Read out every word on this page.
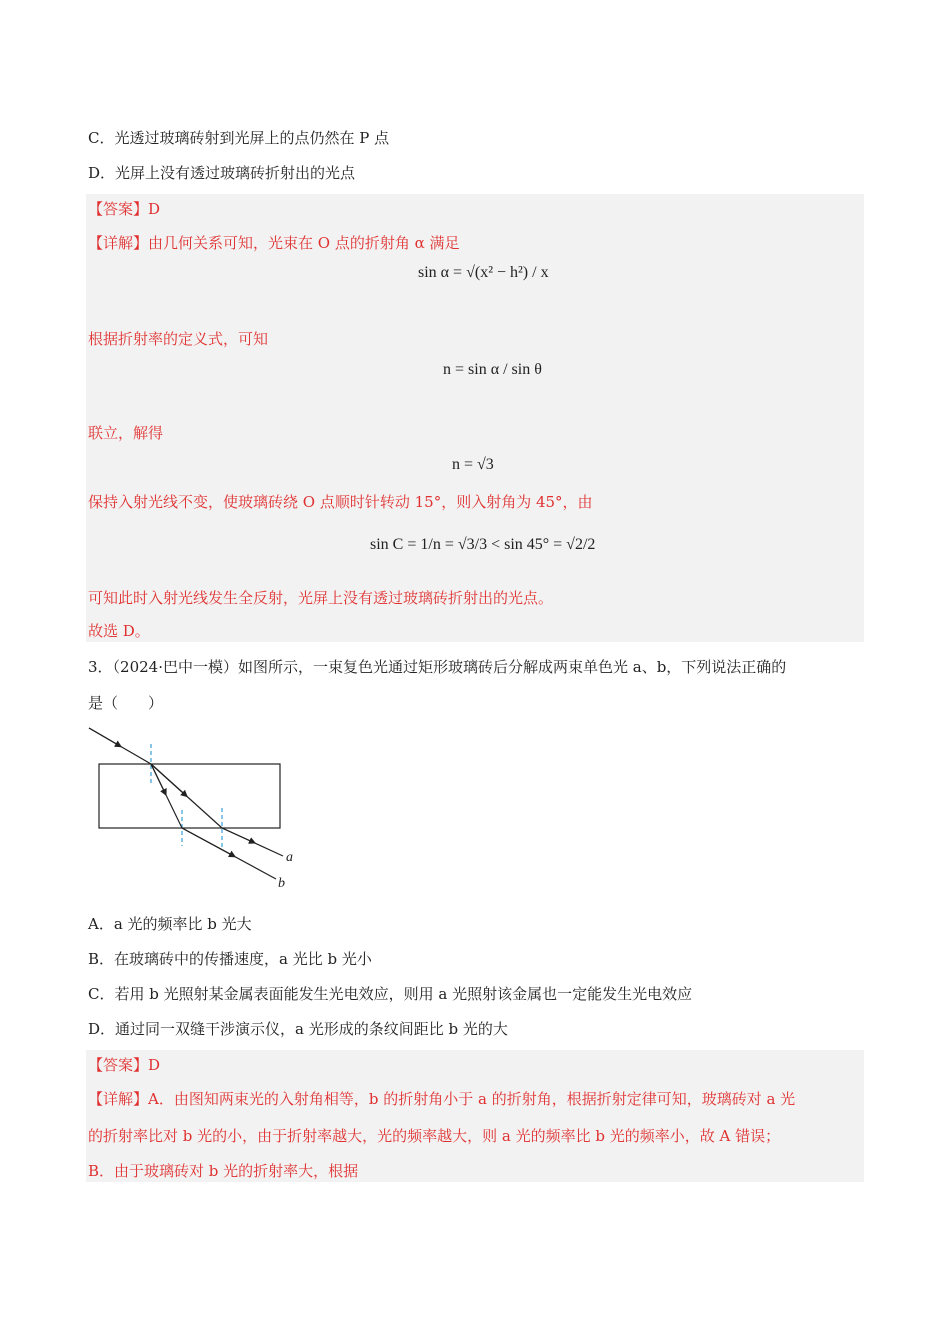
C．光透过玻璃砖射到光屏上的点仍然在 P 点
D．光屏上没有透过玻璃砖折射出的光点
【答案】D
【详解】由几何关系可知，光束在 O 点的折射角 α 满足
sin α = √(x² − h²) / x
根据折射率的定义式，可知
n = sin α / sin θ
联立，解得
n = √3
保持入射光线不变，使玻璃砖绕 O 点顺时针转动 15°，则入射角为 45°，由
sin C = 1/n = √3/3 < sin 45° = √2/2
可知此时入射光线发生全反射，光屏上没有透过玻璃砖折射出的光点。
故选 D。
3．（2024·巴中一模）如图所示，一束复色光通过矩形玻璃砖后分解成两束单色光 a、b，下列说法正确的
是（　　）
a
b
A．a 光的频率比 b 光大
B．在玻璃砖中的传播速度，a 光比 b 光小
C．若用 b 光照射某金属表面能发生光电效应，则用 a 光照射该金属也一定能发生光电效应
D．通过同一双缝干涉演示仪，a 光形成的条纹间距比 b 光的大
【答案】D
【详解】A．由图知两束光的入射角相等，b 的折射角小于 a 的折射角，根据折射定律可知，玻璃砖对 a 光
的折射率比对 b 光的小，由于折射率越大，光的频率越大，则 a 光的频率比 b 光的频率小，故 A 错误；
B．由于玻璃砖对 b 光的折射率大，根据
